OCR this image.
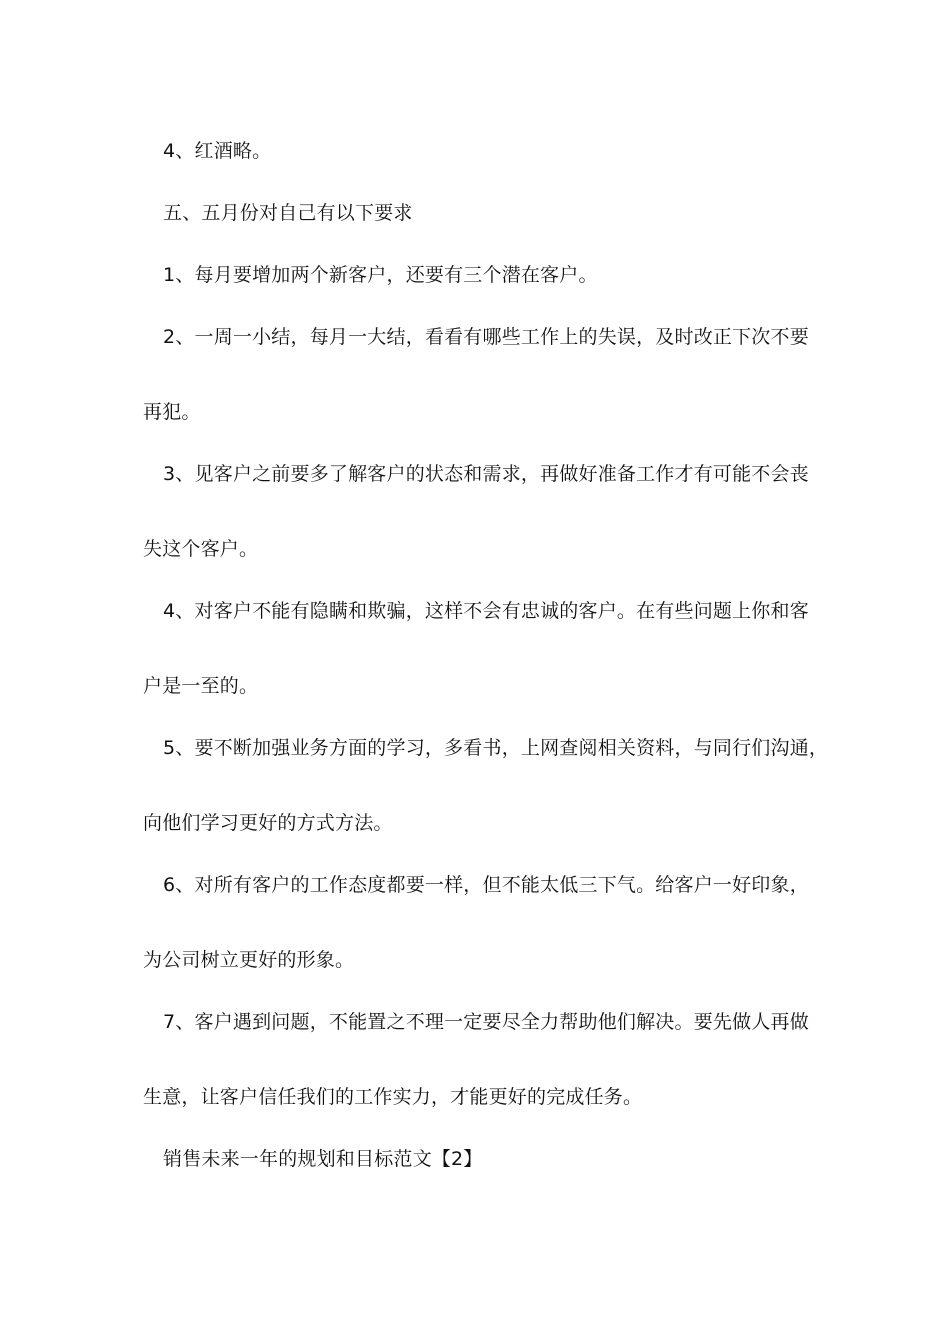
4、红酒略。
五、五月份对自己有以下要求
1、每月要增加两个新客户，还要有三个潜在客户。
2、一周一小结，每月一大结，看看有哪些工作上的失误，及时改正下次不要
再犯。
3、见客户之前要多了解客户的状态和需求，再做好准备工作才有可能不会丧
失这个客户。
4、对客户不能有隐瞒和欺骗，这样不会有忠诚的客户。在有些问题上你和客
户是一至的。
5、要不断加强业务方面的学习，多看书，上网查阅相关资料，与同行们沟通，
向他们学习更好的方式方法。
6、对所有客户的工作态度都要一样，但不能太低三下气。给客户一好印象，
为公司树立更好的形象。
7、客户遇到问题，不能置之不理一定要尽全力帮助他们解决。要先做人再做
生意，让客户信任我们的工作实力，才能更好的完成任务。
销售未来一年的规划和目标范文【2】
